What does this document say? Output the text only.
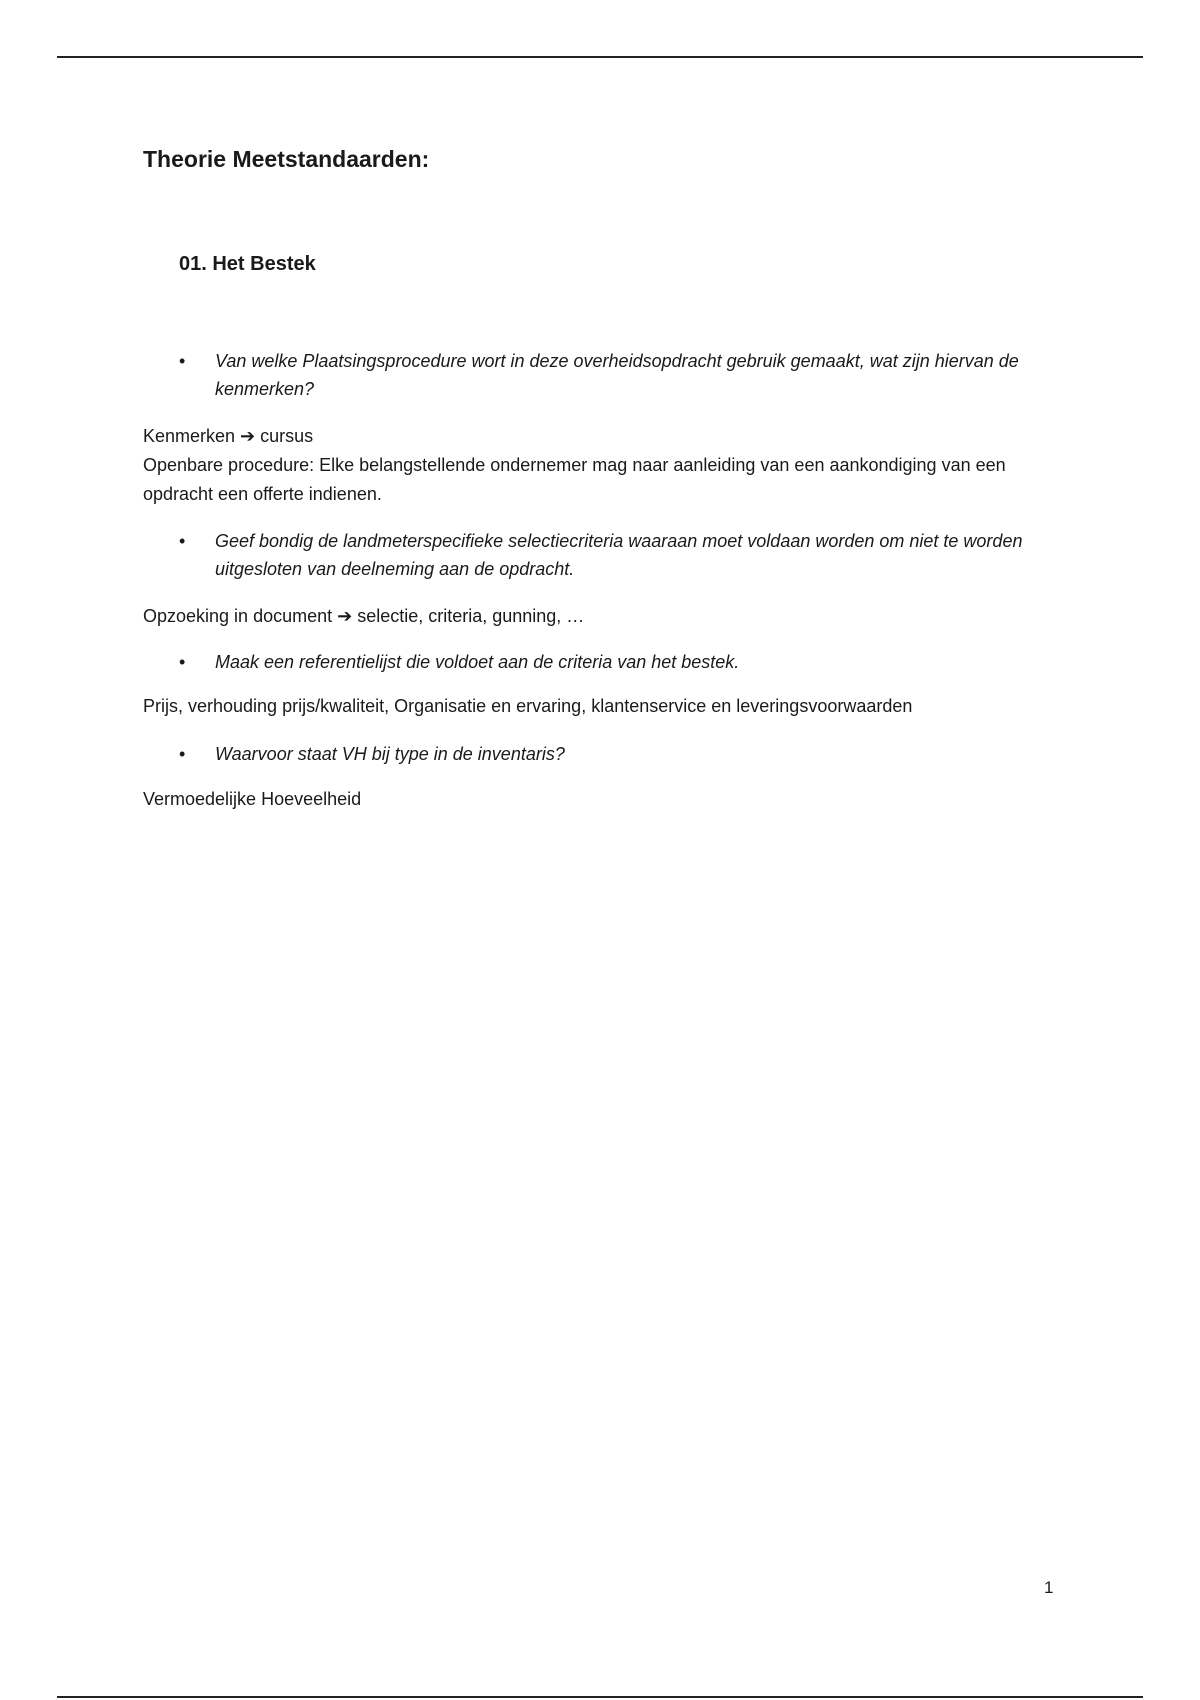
Theorie Meetstandaarden:
01. Het Bestek
•	Van welke Plaatsingsprocedure wort in deze overheidsopdracht gebruik gemaakt, wat zijn hiervan de kenmerken?

Kenmerken ➔ cursus

Openbare procedure: Elke belangstellende ondernemer mag naar aanleiding van een aankondiging van een opdracht een offerte indienen.

•	Geef bondig de landmeterspecifieke selectiecriteria waaraan moet voldaan worden om niet te worden uitgesloten van deelneming aan de opdracht.

Opzoeking in document ➔ selectie, criteria, gunning, …

•	Maak een referentielijst die voldoet aan de criteria van het bestek.

Prijs, verhouding prijs/kwaliteit, Organisatie en ervaring, klantenservice en leveringsvoorwaarden

•	Waarvoor staat VH bij type in de inventaris?

Vermoedelijke Hoeveelheid

1
